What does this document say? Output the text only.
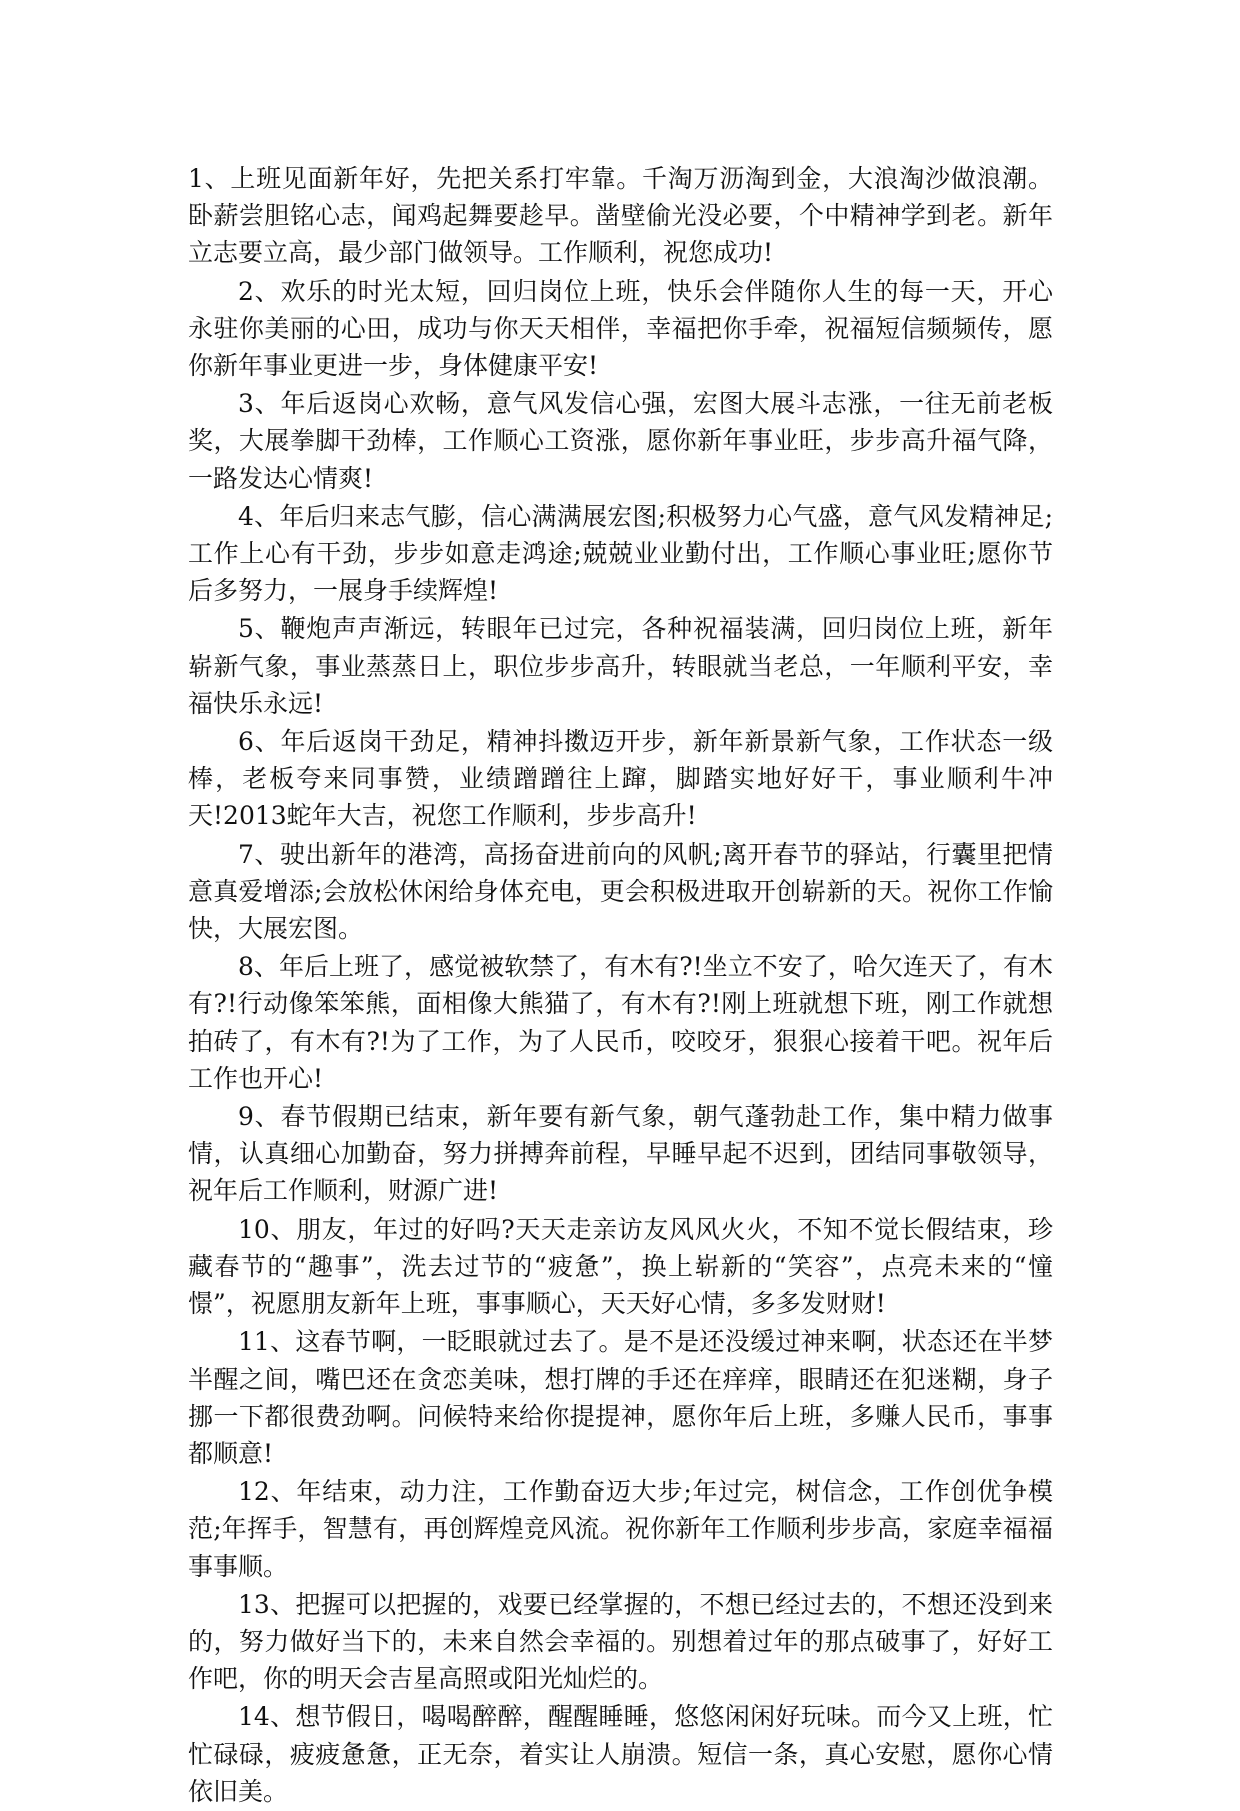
1、上班见面新年好，先把关系打牢靠。千淘万沥淘到金，大浪淘沙做浪潮。卧薪尝胆铭心志，闻鸡起舞要趁早。凿壁偷光没必要，个中精神学到老。新年立志要立高，最少部门做领导。工作顺利，祝您成功!

2、欢乐的时光太短，回归岗位上班，快乐会伴随你人生的每一天，开心永驻你美丽的心田，成功与你天天相伴，幸福把你手牵，祝福短信频频传，愿你新年事业更进一步，身体健康平安!

3、年后返岗心欢畅，意气风发信心强，宏图大展斗志涨，一往无前老板奖，大展拳脚干劲棒，工作顺心工资涨，愿你新年事业旺，步步高升福气降，一路发达心情爽!

4、年后归来志气膨，信心满满展宏图;积极努力心气盛，意气风发精神足;工作上心有干劲，步步如意走鸿途;兢兢业业勤付出，工作顺心事业旺;愿你节后多努力，一展身手续辉煌!

5、鞭炮声声渐远，转眼年已过完，各种祝福装满，回归岗位上班，新年崭新气象，事业蒸蒸日上，职位步步高升，转眼就当老总，一年顺利平安，幸福快乐永远!

6、年后返岗干劲足，精神抖擞迈开步，新年新景新气象，工作状态一级棒，老板夸来同事赞，业绩蹭蹭往上蹿，脚踏实地好好干，事业顺利牛冲天!2013蛇年大吉，祝您工作顺利，步步高升!

7、驶出新年的港湾，高扬奋进前向的风帆;离开春节的驿站，行囊里把情意真爱增添;会放松休闲给身体充电，更会积极进取开创崭新的天。祝你工作愉快，大展宏图。

8、年后上班了，感觉被软禁了，有木有?!坐立不安了，哈欠连天了，有木有?!行动像笨笨熊，面相像大熊猫了，有木有?!刚上班就想下班，刚工作就想拍砖了，有木有?!为了工作，为了人民币，咬咬牙，狠狠心接着干吧。祝年后工作也开心!

9、春节假期已结束，新年要有新气象，朝气蓬勃赴工作，集中精力做事情，认真细心加勤奋，努力拼搏奔前程，早睡早起不迟到，团结同事敬领导，祝年后工作顺利，财源广进!

10、朋友，年过的好吗?天天走亲访友风风火火，不知不觉长假结束，珍藏春节的“趣事”，洗去过节的“疲惫”，换上崭新的“笑容”，点亮未来的“憧憬”，祝愿朋友新年上班，事事顺心，天天好心情，多多发财财!

11、这春节啊，一眨眼就过去了。是不是还没缓过神来啊，状态还在半梦半醒之间，嘴巴还在贪恋美味，想打牌的手还在痒痒，眼睛还在犯迷糊，身子挪一下都很费劲啊。问候特来给你提提神，愿你年后上班，多赚人民币，事事都顺意!

12、年结束，动力注，工作勤奋迈大步;年过完，树信念，工作创优争模范;年挥手，智慧有，再创辉煌竞风流。祝你新年工作顺利步步高，家庭幸福福事事顺。

13、把握可以把握的，戏要已经掌握的，不想已经过去的，不想还没到来的，努力做好当下的，未来自然会幸福的。别想着过年的那点破事了，好好工作吧，你的明天会吉星高照或阳光灿烂的。

14、想节假日，喝喝醉醉，醒醒睡睡，悠悠闲闲好玩味。而今又上班，忙忙碌碌，疲疲惫惫，正无奈，着实让人崩溃。短信一条，真心安慰，愿你心情依旧美。
